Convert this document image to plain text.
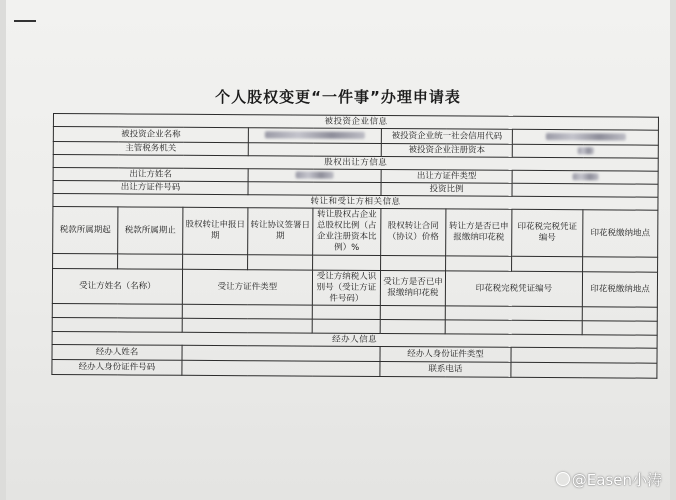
个人股权变更“一件事”办理申请表
被投资企业信息								
被投资企业名称					被投资企业统一社会信用代码			
主管税务机关					被投资企业注册资本			
股权出让方信息								
出让方姓名					出让方证件类型			
出让方证件号码					投资比例			
转让和受让方相关信息								
税款所属期起	税款所属期止	股权转让申报日期	转让协议签署日期	转让股权占企业总股权比例（占企业注册资本比例）%	股权转让合同（协议）价格	转让方是否已申报缴纳印花税	印花税完税凭证编号	印花税缴纳地点

受让方姓名（名称）		受让方证件类型		受让方纳税人识别号（受让方证件号码）	受让方是否已申报缴纳印花税	印花税完税凭证编号		印花税缴纳地点

经办人信息								
经办人姓名					经办人身份证件类型			
经办人身份证件号码					联系电话			
@Easen小涛
